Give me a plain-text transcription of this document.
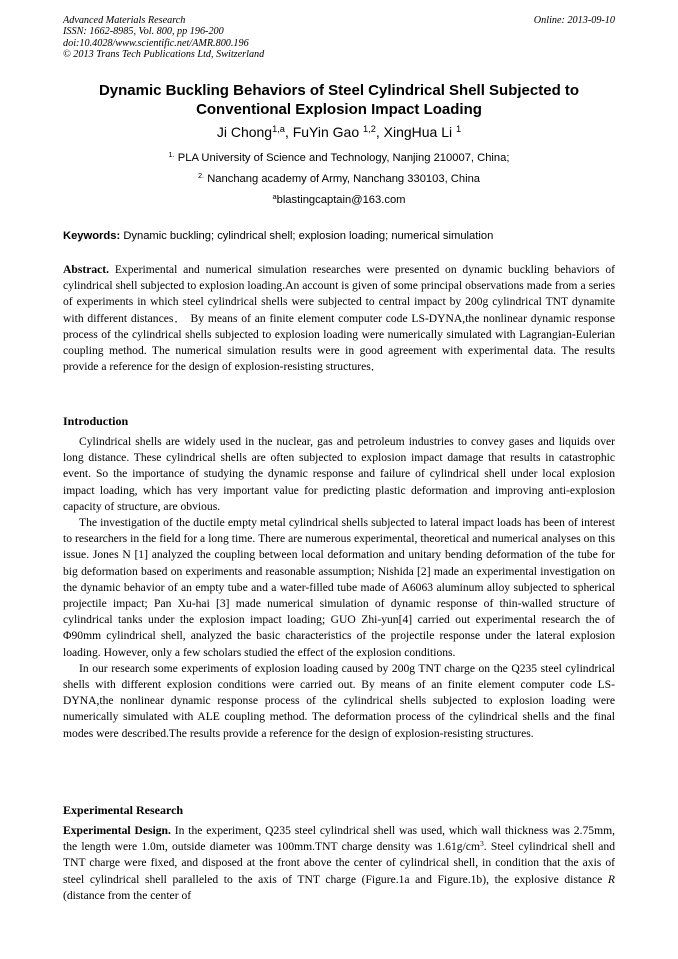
Advanced Materials Research
ISSN: 1662-8985, Vol. 800, pp 196-200
doi:10.4028/www.scientific.net/AMR.800.196
© 2013 Trans Tech Publications Ltd, Switzerland
Online: 2013-09-10
Dynamic Buckling Behaviors of Steel Cylindrical Shell Subjected to Conventional Explosion Impact Loading
Ji Chong$^{1,a}$, FuYin Gao $^{1,2}$, XingHua Li $^1$
$^{1.}$ PLA University of Science and Technology, Nanjing 210007, China;
$^{2.}$ Nanchang academy of Army, Nanchang 330103, China
$^a$blastingcaptain@163.com
Keywords: Dynamic buckling; cylindrical shell; explosion loading; numerical simulation
Abstract. Experimental and numerical simulation researches were presented on dynamic buckling behaviors of cylindrical shell subjected to explosion loading.An account is given of some principal observations made from a series of experiments in which steel cylindrical shells were subjected to central impact by 200g cylindrical TNT dynamite with different distances． By means of an finite element computer code LS-DYNA,the nonlinear dynamic response process of the cylindrical shells subjected to explosion loading were numerically simulated with Lagrangian-Eulerian coupling method. The numerical simulation results were in good agreement with experimental data. The results provide a reference for the design of explosion-resisting structures．
Introduction

Cylindrical shells are widely used in the nuclear, gas and petroleum industries to convey gases and liquids over long distance. These cylindrical shells are often subjected to explosion impact damage that results in catastrophic event. So the importance of studying the dynamic response and failure of cylindrical shell under local explosion impact loading, which has very important value for predicting plastic deformation and improving anti-explosion capacity of structure, are obvious.

The investigation of the ductile empty metal cylindrical shells subjected to lateral impact loads has been of interest to researchers in the field for a long time. There are numerous experimental, theoretical and numerical analyses on this issue. Jones N [1] analyzed the coupling between local deformation and unitary bending deformation of the tube for big deformation based on experiments and reasonable assumption; Nishida [2] made an experimental investigation on the dynamic behavior of an empty tube and a water-filled tube made of A6063 aluminum alloy subjected to spherical projectile impact; Pan Xu-hai [3] made numerical simulation of dynamic response of thin-walled structure of cylindrical tanks under the explosion impact loading; GUO Zhi-yun[4] carried out experimental research the of Φ90mm cylindrical shell, analyzed the basic characteristics of the projectile response under the lateral explosion loading. However, only a few scholars studied the effect of the explosion conditions.

In our research some experiments of explosion loading caused by 200g TNT charge on the Q235 steel cylindrical shells with different explosion conditions were carried out. By means of an finite element computer code LS-DYNA,the nonlinear dynamic response process of the cylindrical shells subjected to explosion loading were numerically simulated with ALE coupling method. The deformation process of the cylindrical shells and the final modes were described.The results provide a reference for the design of explosion-resisting structures.

Experimental Research
Experimental Design. In the experiment, Q235 steel cylindrical shell was used, which wall thickness was 2.75mm, the length were 1.0m, outside diameter was 100mm.TNT charge density was $1.61g/cm^3$. Steel cylindrical shell and TNT charge were fixed, and disposed at the front above the center of cylindrical shell, in condition that the axis of steel cylindrical shell paralleled to the axis of TNT charge (Figure.1a and Figure.1b), the explosive distance R (distance from the center of
